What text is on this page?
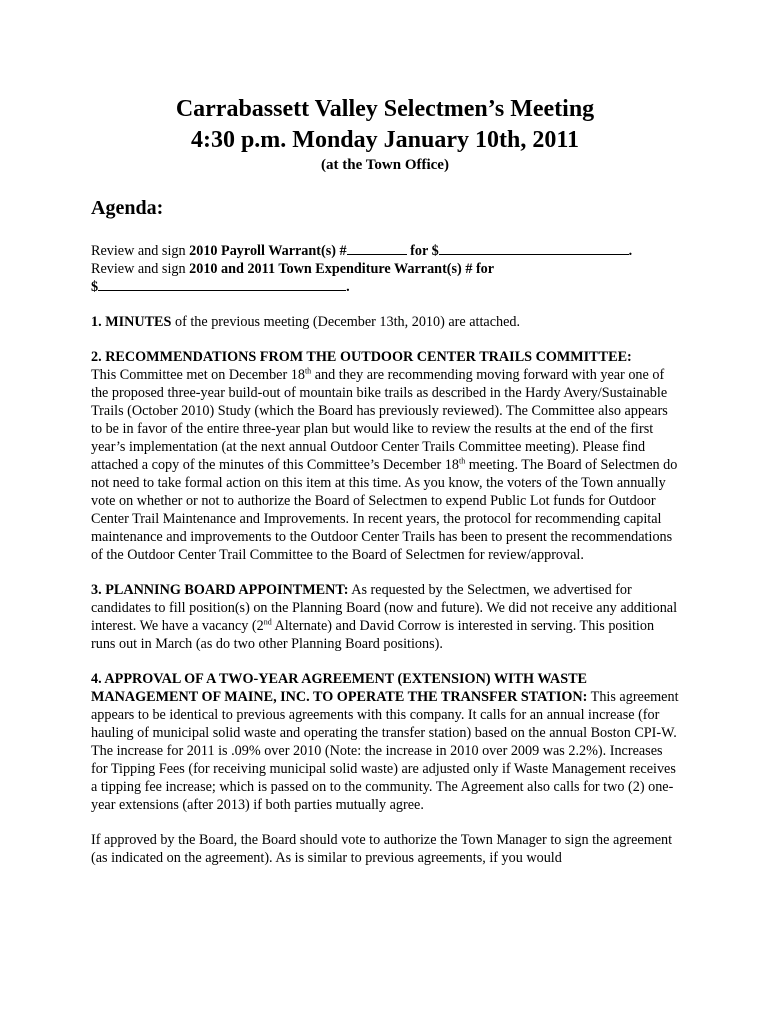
Carrabassett Valley Selectmen’s Meeting
4:30 p.m. Monday January 10th, 2011
(at the Town Office)
Agenda:

Review and sign 2010 Payroll Warrant(s) #	for $	.

Review and sign 2010 and 2011 Town Expenditure Warrant(s) # for

$	.

1. MINUTES of the previous meeting (December 13th, 2010) are attached.

2. RECOMMENDATIONS FROM THE OUTDOOR CENTER TRAILS COMMITTEE:

This Committee met on December 18th and they are recommending moving forward with year one of the proposed three-year build-out of mountain bike trails as described in the Hardy Avery/Sustainable Trails (October 2010) Study (which the Board has previously reviewed). The Committee also appears to be in favor of the entire three-year plan but would like to review the results at the end of the first year’s implementation (at the next annual Outdoor Center Trails Committee meeting). Please find attached a copy of the minutes of this Committee’s December 18th meeting. The Board of Selectmen do not need to take formal action on this item at this time. As you know, the voters of the Town annually vote on whether or not to authorize the Board of Selectmen to expend Public Lot funds for Outdoor Center Trail Maintenance and Improvements. In recent years, the protocol for recommending capital maintenance and improvements to the Outdoor Center Trails has been to present the recommendations of the Outdoor Center Trail Committee to the Board of Selectmen for review/approval.

3. PLANNING BOARD APPOINTMENT: As requested by the Selectmen, we advertised for candidates to fill position(s) on the Planning Board (now and future). We did not receive any additional interest. We have a vacancy (2nd Alternate) and David Corrow is interested in serving. This position runs out in March (as do two other Planning Board positions).

4. APPROVAL OF A TWO-YEAR AGREEMENT (EXTENSION) WITH WASTE MANAGEMENT OF MAINE, INC. TO OPERATE THE TRANSFER STATION: This agreement appears to be identical to previous agreements with this company. It calls for an annual increase (for hauling of municipal solid waste and operating the transfer station) based on the annual Boston CPI-W. The increase for 2011 is .09% over 2010 (Note: the increase in 2010 over 2009 was 2.2%). Increases for Tipping Fees (for receiving municipal solid waste) are adjusted only if Waste Management receives a tipping fee increase; which is passed on to the community. The Agreement also calls for two (2) one-year extensions (after 2013) if both parties mutually agree.

If approved by the Board, the Board should vote to authorize the Town Manager to sign the agreement (as indicated on the agreement). As is similar to previous agreements, if you would
